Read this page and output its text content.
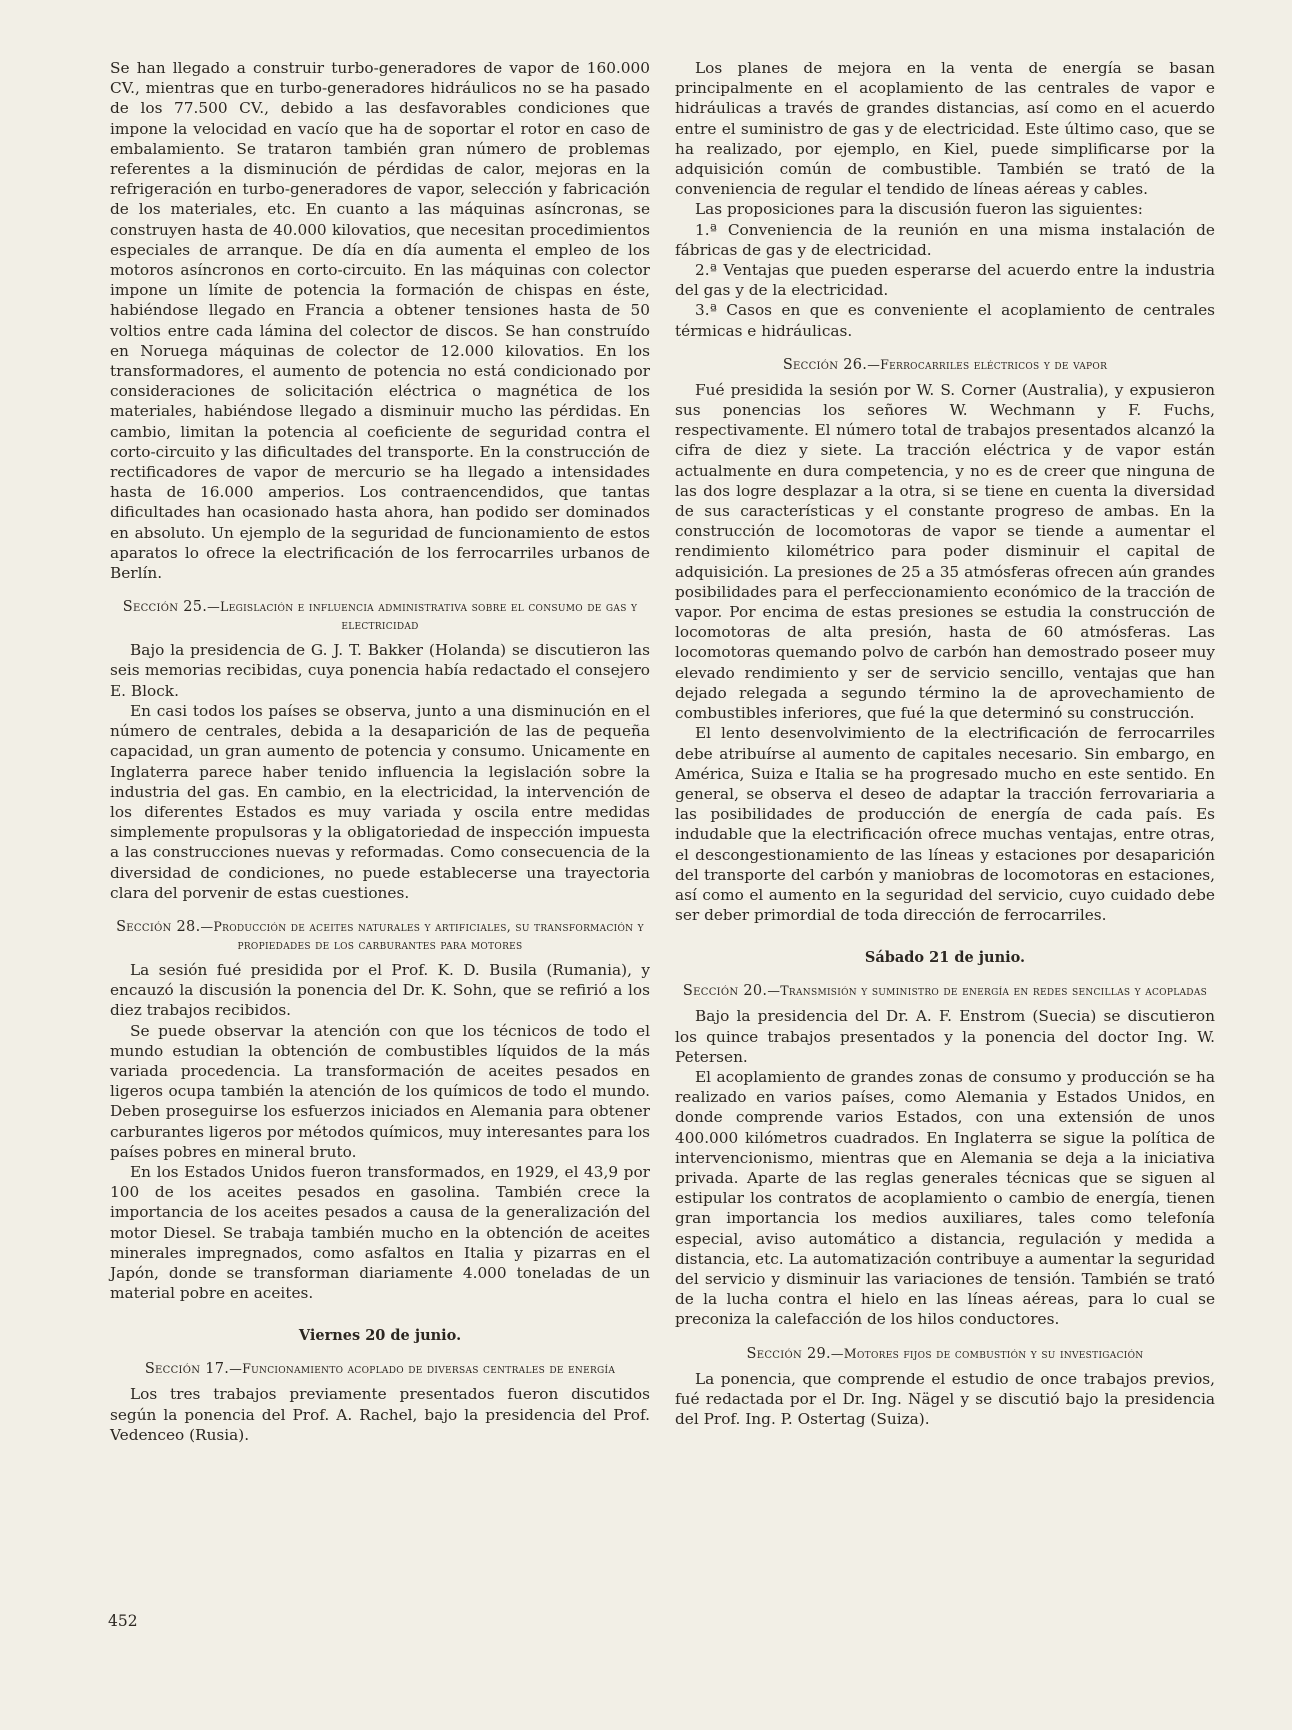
Se han llegado a construir turbo-generadores de vapor de 160.000 CV., mientras que en turbo-generadores hidráulicos no se ha pasado de los 77.500 CV., debido a las desfavorables condiciones que impone la velocidad en vacío que ha de soportar el rotor en caso de embalamiento. Se trataron también gran número de problemas referentes a la disminución de pérdidas de calor, mejoras en la refrigeración en turbo-generadores de vapor, selección y fabricación de los materiales, etc. En cuanto a las máquinas asíncronas, se construyen hasta de 40.000 kilovatios, que necesitan procedimientos especiales de arranque. De día en día aumenta el empleo de los motoros asíncronos en corto-circuito. En las máquinas con colector impone un límite de potencia la formación de chispas en éste, habiéndose llegado en Francia a obtener tensiones hasta de 50 voltios entre cada lámina del colector de discos. Se han construído en Noruega máquinas de colector de 12.000 kilovatios. En los transformadores, el aumento de potencia no está condicionado por consideraciones de solicitación eléctrica o magnética de los materiales, habiéndose llegado a disminuir mucho las pérdidas. En cambio, limitan la potencia al coeficiente de seguridad contra el corto-circuito y las dificultades del transporte. En la construcción de rectificadores de vapor de mercurio se ha llegado a intensidades hasta de 16.000 amperios. Los contraencendidos, que tantas dificultades han ocasionado hasta ahora, han podido ser dominados en absoluto. Un ejemplo de la seguridad de funcionamiento de estos aparatos lo ofrece la electrificación de los ferrocarriles urbanos de Berlín.

Sección 25.—Legislación e influencia administrativa sobre el consumo de gas y electricidad

Bajo la presidencia de G. J. T. Bakker (Holanda) se discutieron las seis memorias recibidas, cuya ponencia había redactado el consejero E. Block.

En casi todos los países se observa, junto a una disminución en el número de centrales, debida a la desaparición de las de pequeña capacidad, un gran aumento de potencia y consumo. Unicamente en Inglaterra parece haber tenido influencia la legislación sobre la industria del gas. En cambio, en la electricidad, la intervención de los diferentes Estados es muy variada y oscila entre medidas simplemente propulsoras y la obligatoriedad de inspección impuesta a las construcciones nuevas y reformadas. Como consecuencia de la diversidad de condiciones, no puede establecerse una trayectoria clara del porvenir de estas cuestiones.

Sección 28.—Producción de aceites naturales y artificiales, su transformación y propiedades de los carburantes para motores

La sesión fué presidida por el Prof. K. D. Busila (Rumania), y encauzó la discusión la ponencia del Dr. K. Sohn, que se refirió a los diez trabajos recibidos.

Se puede observar la atención con que los técnicos de todo el mundo estudian la obtención de combustibles líquidos de la más variada procedencia. La transformación de aceites pesados en ligeros ocupa también la atención de los químicos de todo el mundo. Deben proseguirse los esfuerzos iniciados en Alemania para obtener carburantes ligeros por métodos químicos, muy interesantes para los países pobres en mineral bruto.

En los Estados Unidos fueron transformados, en 1929, el 43,9 por 100 de los aceites pesados en gasolina. También crece la importancia de los aceites pesados a causa de la generalización del motor Diesel. Se trabaja también mucho en la obtención de aceites minerales impregnados, como asfaltos en Italia y pizarras en el Japón, donde se transforman diariamente 4.000 toneladas de un material pobre en aceites.

Viernes 20 de junio.
Sección 17.—Funcionamiento acoplado de diversas centrales de energía

Los tres trabajos previamente presentados fueron discutidos según la ponencia del Prof. A. Rachel, bajo la presidencia del Prof. Vedenceo (Rusia).

Los planes de mejora en la venta de energía se basan principalmente en el acoplamiento de las centrales de vapor e hidráulicas a través de grandes distancias, así como en el acuerdo entre el suministro de gas y de electricidad. Este último caso, que se ha realizado, por ejemplo, en Kiel, puede simplificarse por la adquisición común de combustible. También se trató de la conveniencia de regular el tendido de líneas aéreas y cables.

Las proposiciones para la discusión fueron las siguientes:

1.ª Conveniencia de la reunión en una misma instalación de fábricas de gas y de electricidad.

2.ª Ventajas que pueden esperarse del acuerdo entre la industria del gas y de la electricidad.

3.ª Casos en que es conveniente el acoplamiento de centrales térmicas e hidráulicas.

Sección 26.—Ferrocarriles eléctricos y de vapor

Fué presidida la sesión por W. S. Corner (Australia), y expusieron sus ponencias los señores W. Wechmann y F. Fuchs, respectivamente. El número total de trabajos presentados alcanzó la cifra de diez y siete. La tracción eléctrica y de vapor están actualmente en dura competencia, y no es de creer que ninguna de las dos logre desplazar a la otra, si se tiene en cuenta la diversidad de sus características y el constante progreso de ambas. En la construcción de locomotoras de vapor se tiende a aumentar el rendimiento kilométrico para poder disminuir el capital de adquisición. La presiones de 25 a 35 atmósferas ofrecen aún grandes posibilidades para el perfeccionamiento económico de la tracción de vapor. Por encima de estas presiones se estudia la construcción de locomotoras de alta presión, hasta de 60 atmósferas. Las locomotoras quemando polvo de carbón han demostrado poseer muy elevado rendimiento y ser de servicio sencillo, ventajas que han dejado relegada a segundo término la de aprovechamiento de combustibles inferiores, que fué la que determinó su construcción.

El lento desenvolvimiento de la electrificación de ferrocarriles debe atribuírse al aumento de capitales necesario. Sin embargo, en América, Suiza e Italia se ha progresado mucho en este sentido. En general, se observa el deseo de adaptar la tracción ferrovariaria a las posibilidades de producción de energía de cada país. Es indudable que la electrificación ofrece muchas ventajas, entre otras, el descongestionamiento de las líneas y estaciones por desaparición del transporte del carbón y maniobras de locomotoras en estaciones, así como el aumento en la seguridad del servicio, cuyo cuidado debe ser deber primordial de toda dirección de ferrocarriles.

Sábado 21 de junio.
Sección 20.—Transmisión y suministro de energía en redes sencillas y acopladas

Bajo la presidencia del Dr. A. F. Enstrom (Suecia) se discutieron los quince trabajos presentados y la ponencia del doctor Ing. W. Petersen.

El acoplamiento de grandes zonas de consumo y producción se ha realizado en varios países, como Alemania y Estados Unidos, en donde comprende varios Estados, con una extensión de unos 400.000 kilómetros cuadrados. En Inglaterra se sigue la política de intervencionismo, mientras que en Alemania se deja a la iniciativa privada. Aparte de las reglas generales técnicas que se siguen al estipular los contratos de acoplamiento o cambio de energía, tienen gran importancia los medios auxiliares, tales como telefonía especial, aviso automático a distancia, regulación y medida a distancia, etc. La automatización contribuye a aumentar la seguridad del servicio y disminuir las variaciones de tensión. También se trató de la lucha contra el hielo en las líneas aéreas, para lo cual se preconiza la calefacción de los hilos conductores.

Sección 29.—Motores fijos de combustión y su investigación

La ponencia, que comprende el estudio de once trabajos previos, fué redactada por el Dr. Ing. Nägel y se discutió bajo la presidencia del Prof. Ing. P. Ostertag (Suiza).

452
